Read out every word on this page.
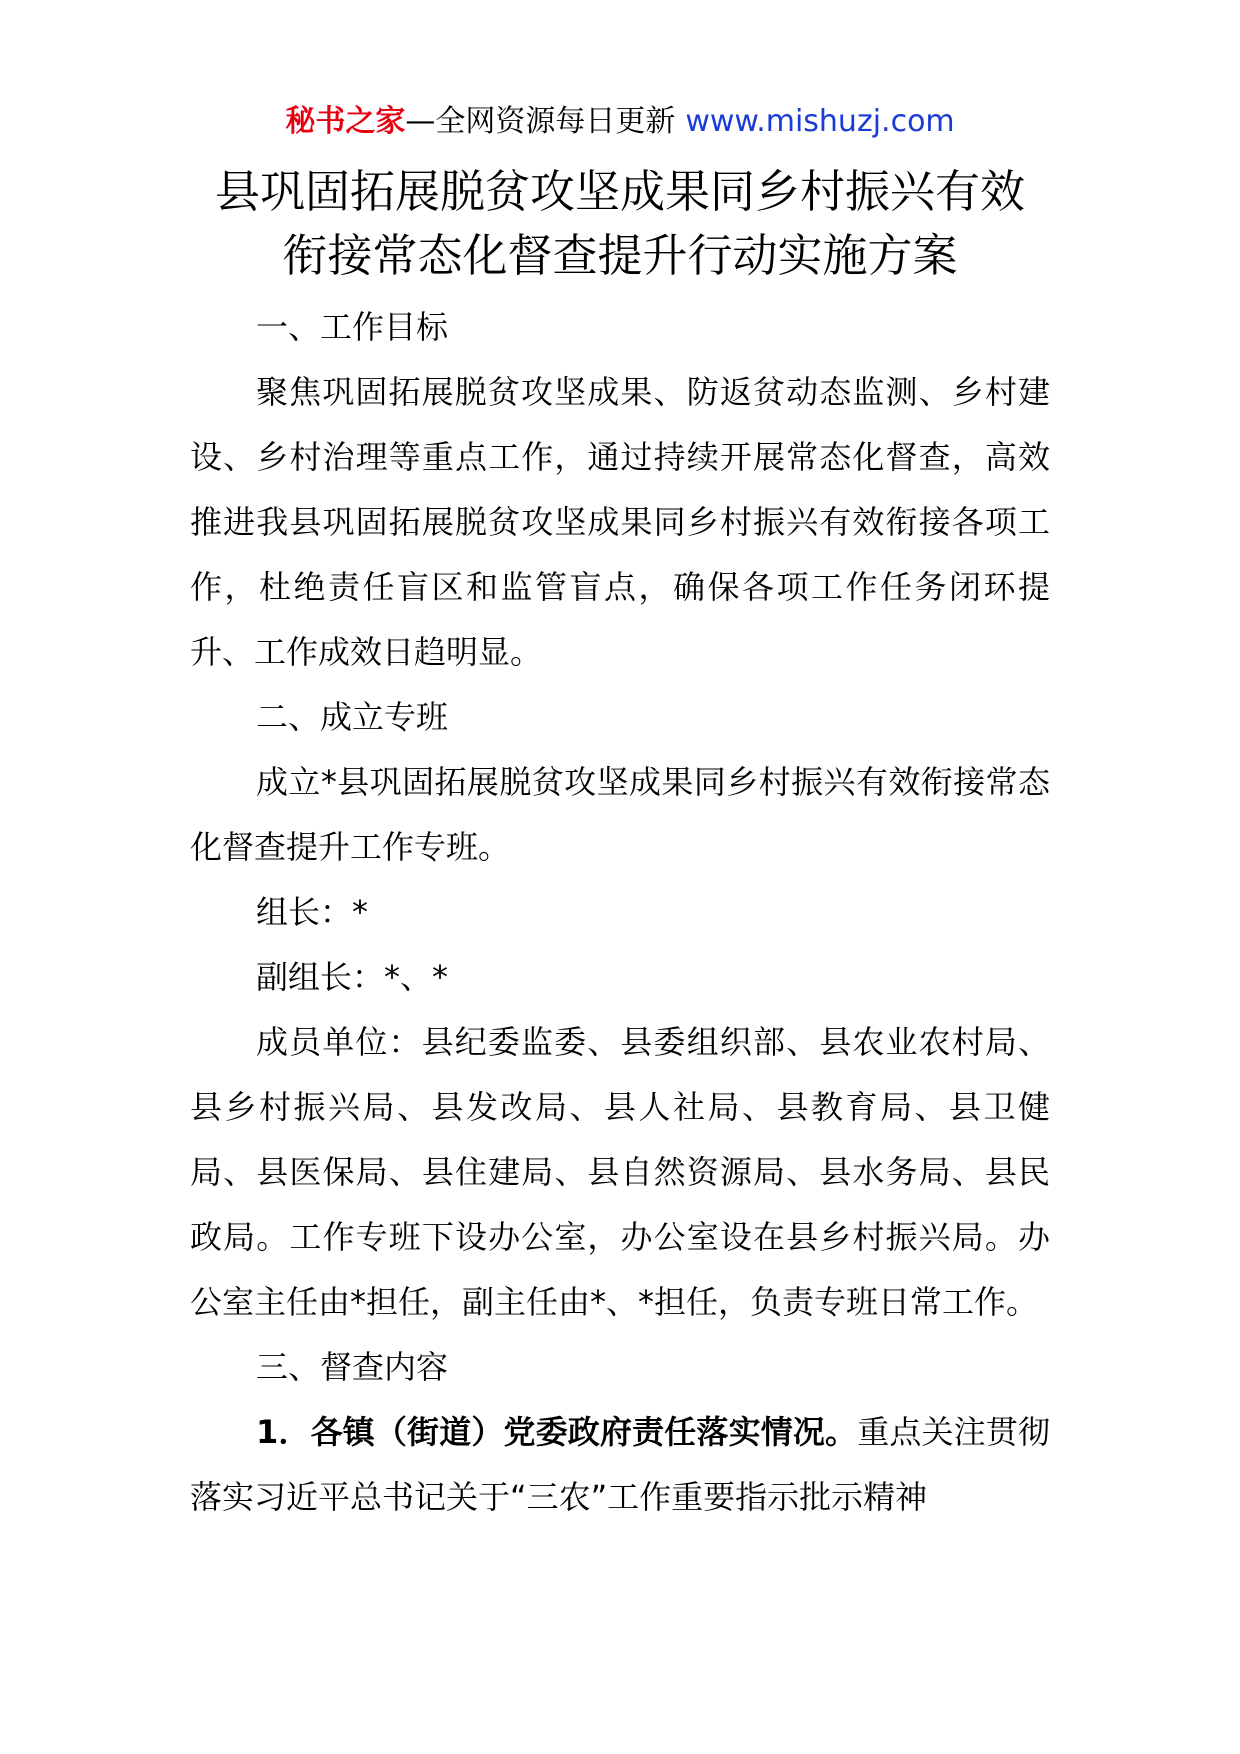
秘书之家—全网资源每日更新 www.mishuzj.com
县巩固拓展脱贫攻坚成果同乡村振兴有效
衔接常态化督查提升行动实施方案

一、工作目标

聚焦巩固拓展脱贫攻坚成果、防返贫动态监测、乡村建设、乡村治理等重点工作，通过持续开展常态化督查，高效推进我县巩固拓展脱贫攻坚成果同乡村振兴有效衔接各项工作，杜绝责任盲区和监管盲点，确保各项工作任务闭环提升、工作成效日趋明显。

二、成立专班

成立*县巩固拓展脱贫攻坚成果同乡村振兴有效衔接常态化督查提升工作专班。

组长：*

副组长：*、*

成员单位：县纪委监委、县委组织部、县农业农村局、县乡村振兴局、县发改局、县人社局、县教育局、县卫健局、县医保局、县住建局、县自然资源局、县水务局、县民政局。工作专班下设办公室，办公室设在县乡村振兴局。办公室主任由*担任，副主任由*、*担任，负责专班日常工作。

三、督查内容

1．各镇（街道）党委政府责任落实情况。重点关注贯彻落实习近平总书记关于“三农”工作重要指示批示精神
